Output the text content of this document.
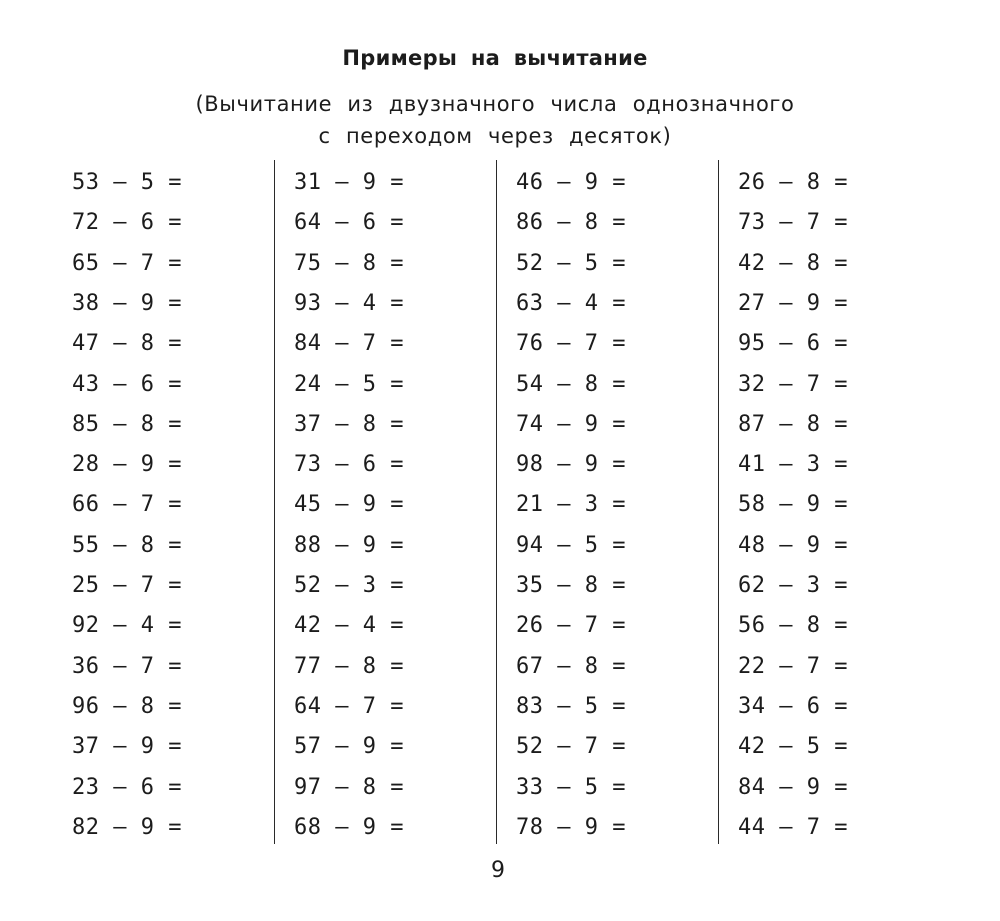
Примеры на вычитание
(Вычитание из двузначного числа однозначного
с переходом через десяток)
53 – 5 =
72 – 6 =
65 – 7 =
38 – 9 =
47 – 8 =
43 – 6 =
85 – 8 =
28 – 9 =
66 – 7 =
55 – 8 =
25 – 7 =
92 – 4 =
36 – 7 =
96 – 8 =
37 – 9 =
23 – 6 =
82 – 9 =
31 – 9 =
64 – 6 =
75 – 8 =
93 – 4 =
84 – 7 =
24 – 5 =
37 – 8 =
73 – 6 =
45 – 9 =
88 – 9 =
52 – 3 =
42 – 4 =
77 – 8 =
64 – 7 =
57 – 9 =
97 – 8 =
68 – 9 =
46 – 9 =
86 – 8 =
52 – 5 =
63 – 4 =
76 – 7 =
54 – 8 =
74 – 9 =
98 – 9 =
21 – 3 =
94 – 5 =
35 – 8 =
26 – 7 =
67 – 8 =
83 – 5 =
52 – 7 =
33 – 5 =
78 – 9 =
26 – 8 =
73 – 7 =
42 – 8 =
27 – 9 =
95 – 6 =
32 – 7 =
87 – 8 =
41 – 3 =
58 – 9 =
48 – 9 =
62 – 3 =
56 – 8 =
22 – 7 =
34 – 6 =
42 – 5 =
84 – 9 =
44 – 7 =
9
